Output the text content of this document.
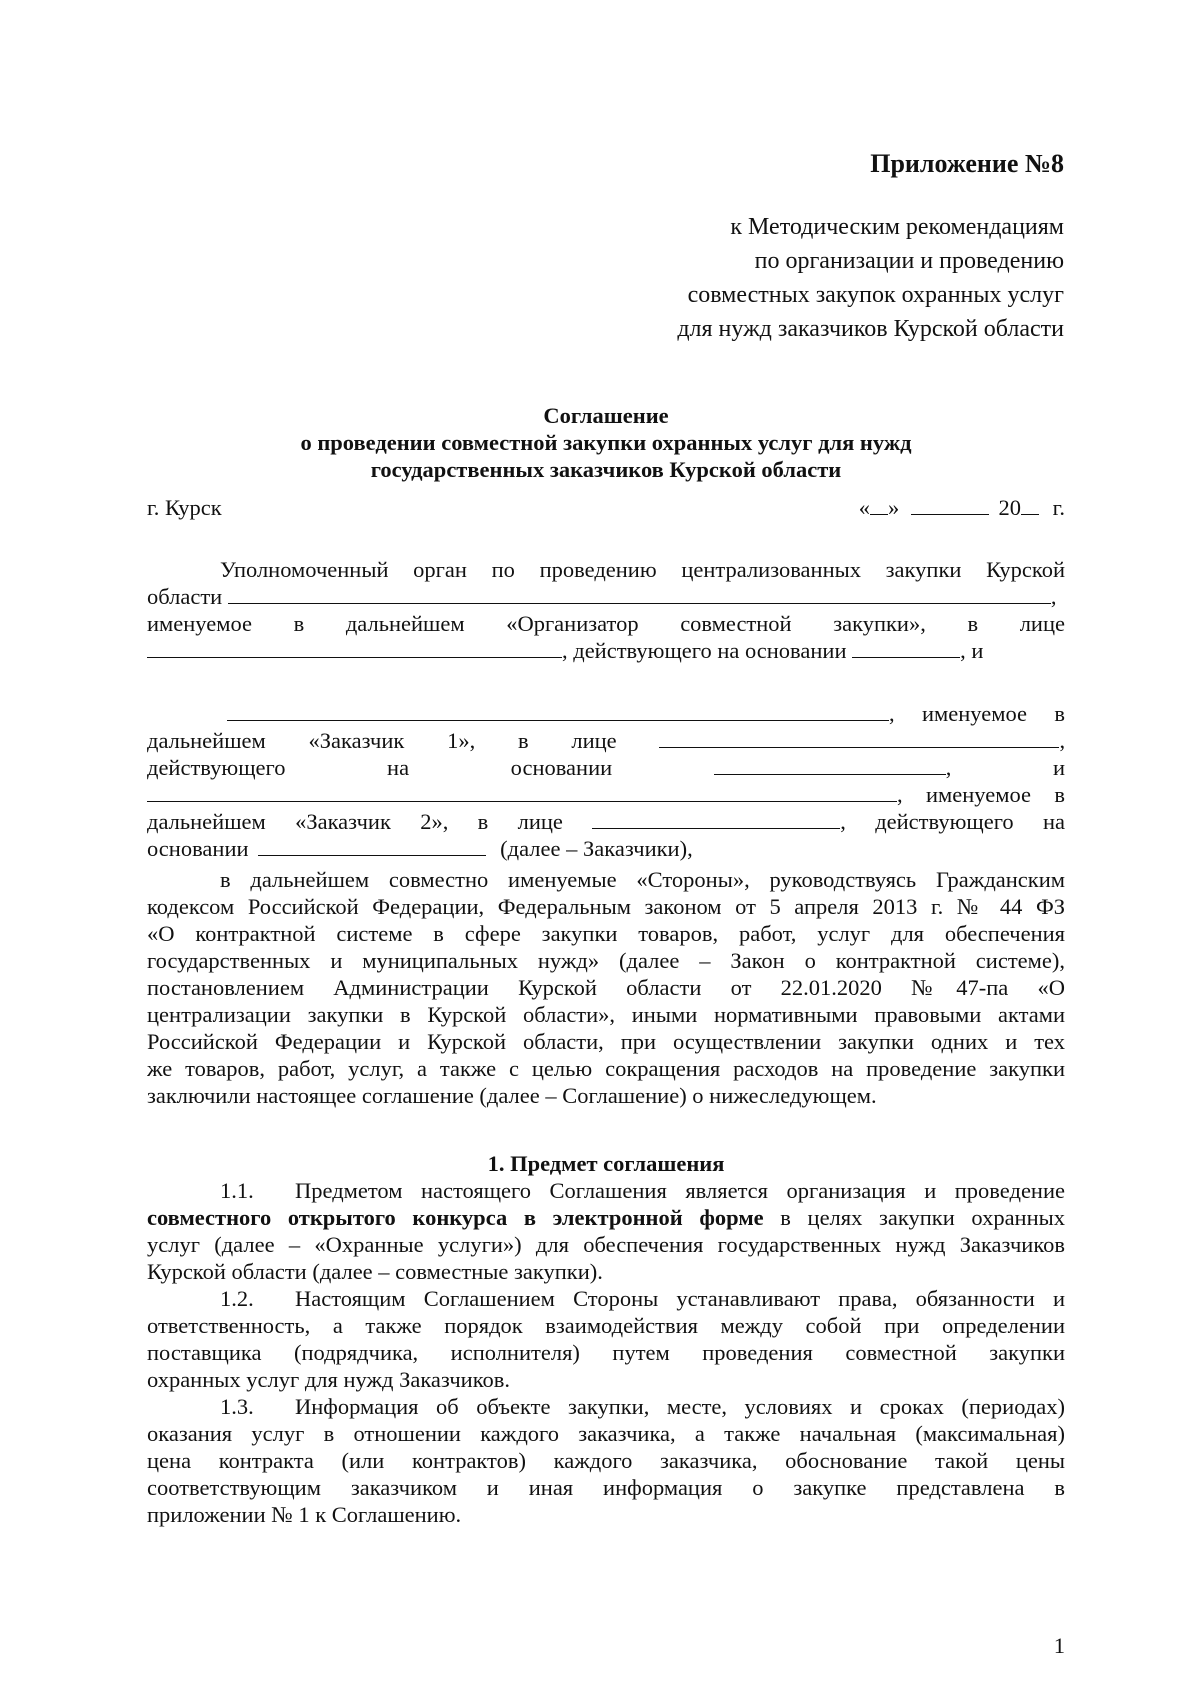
Приложение №8
к Методическим рекомендациям
по организации и проведению
совместных закупок охранных услуг
для нужд заказчиков Курской области
Соглашение
о проведении совместной закупки охранных услуг для нужд
государственных заказчиков Курской области
г. Курск	« »	20 г.
Уполномоченный орган по проведению централизованных закупки Курской
области	,
именуемое в дальнейшем «Организатор совместной закупки», в лице
, действующего на основании	, и
, именуемое в
дальнейшем «Заказчик 1», в лице	,
действующего	на	основании	,	и
, именуемое в
дальнейшем «Заказчик 2», в лице	, действующего на
основании	(далее – Заказчики),
в дальнейшем совместно именуемые «Стороны», руководствуясь Гражданским
кодексом Российской Федерации, Федеральным законом от 5 апреля 2013 г. № 44 ФЗ
«О контрактной системе в сфере закупки товаров, работ, услуг для обеспечения
государственных и муниципальных нужд» (далее – Закон о контрактной системе),
постановлением Администрации Курской области от 22.01.2020 №47-па «О
централизации закупки в Курской области», иными нормативными правовыми актами
Российской Федерации и Курской области, при осуществлении закупки одних и тех
же товаров, работ, услуг, а также с целью сокращения расходов на проведение закупки
заключили настоящее соглашение (далее – Соглашение) о нижеследующем.
1. Предмет соглашения
1.1. Предметом настоящего Соглашения является организация и проведение
совместного открытого конкурса в электронной форме в целях закупки охранных
услуг (далее – «Охранные услуги») для обеспечения государственных нужд Заказчиков
Курской области (далее – совместные закупки).
1.2. Настоящим Соглашением Стороны устанавливают права, обязанности и
ответственность, а также порядок взаимодействия между собой при определении
поставщика (подрядчика, исполнителя) путем проведения совместной закупки
охранных услуг для нужд Заказчиков.
1.3. Информация об объекте закупки, месте, условиях и сроках (периодах)
оказания услуг в отношении каждого заказчика, а также начальная (максимальная)
цена контракта (или контрактов) каждого заказчика, обоснование такой цены
соответствующим заказчиком и иная информация о закупке представлена в
приложении № 1 к Соглашению.
1
